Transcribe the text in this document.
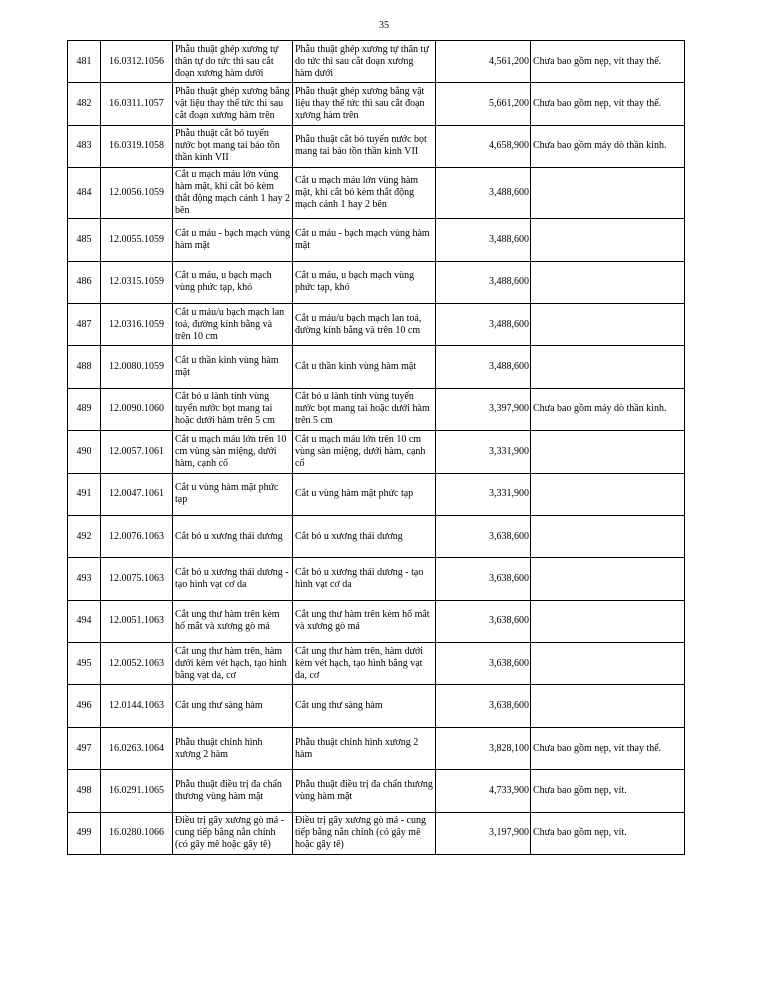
35
481	16.0312.1056	Phẫu thuật ghép xương tự thân tự do tức thì sau cắt đoạn xương hàm dưới	Phẫu thuật ghép xương tự thân tự do tức thì sau cắt đoạn xương hàm dưới	4,561,200	Chưa bao gồm nẹp, vít thay thế.
482	16.0311.1057	Phẫu thuật ghép xương bằng vật liệu thay thế tức thì sau cắt đoạn xương hàm trên	Phẫu thuật ghép xương bằng vật liệu thay thế tức thì sau cắt đoạn xương hàm trên	5,661,200	Chưa bao gồm nẹp, vít thay thế.
483	16.0319.1058	Phẫu thuật cắt bỏ tuyến nước bọt mang tai bảo tồn thần kinh VII	Phẫu thuật cắt bỏ tuyến nước bọt mang tai bảo tồn thần kinh VII	4,658,900	Chưa bao gồm máy dò thần kinh.
484	12.0056.1059	Cắt u mạch máu lớn vùng hàm mặt, khi cắt bỏ kèm thắt động mạch cảnh 1 hay 2 bên	Cắt u mạch máu lớn vùng hàm mặt, khi cắt bỏ kèm thắt động mạch cảnh 1 hay 2 bên	3,488,600	
485	12.0055.1059	Cắt u máu - bạch mạch vùng hàm mặt	Cắt u máu - bạch mạch vùng hàm mặt	3,488,600	
486	12.0315.1059	Cắt u máu, u bạch mạch vùng phức tạp, khó	Cắt u máu, u bạch mạch vùng phức tạp, khó	3,488,600	
487	12.0316.1059	Cắt u máu/u bạch mạch lan toả, đường kính bằng và trên 10 cm	Cắt u máu/u bạch mạch lan toả, đường kính bằng và trên 10 cm	3,488,600	
488	12.0080.1059	Cắt u thần kinh vùng hàm mặt	Cắt u thần kinh vùng hàm mặt	3,488,600	
489	12.0090.1060	Cắt bỏ u lành tính vùng tuyến nước bọt mang tai hoặc dưới hàm trên 5 cm	Cắt bỏ u lành tính vùng tuyến nước bọt mang tai hoặc dưới hàm trên 5 cm	3,397,900	Chưa bao gồm máy dò thần kinh.
490	12.0057.1061	Cắt u mạch máu lớn trên 10 cm vùng sàn miệng, dưới hàm, cạnh cổ	Cắt u mạch máu lớn trên 10 cm vùng sàn miệng, dưới hàm, cạnh cổ	3,331,900	
491	12.0047.1061	Cắt u vùng hàm mặt phức tạp	Cắt u vùng hàm mặt phức tạp	3,331,900	
492	12.0076.1063	Cắt bỏ u xương thái dương	Cắt bỏ u xương thái dương	3,638,600	
493	12.0075.1063	Cắt bỏ u xương thái dương - tạo hình vạt cơ da	Cắt bỏ u xương thái dương - tạo hình vạt cơ da	3,638,600	
494	12.0051.1063	Cắt ung thư hàm trên kèm hố mắt và xương gò má	Cắt ung thư hàm trên kèm hố mắt và xương gò má	3,638,600	
495	12.0052.1063	Cắt ung thư hàm trên, hàm dưới kèm vét hạch, tạo hình bằng vạt da, cơ	Cắt ung thư hàm trên, hàm dưới kèm vét hạch, tạo hình bằng vạt da, cơ	3,638,600	
496	12.0144.1063	Cắt ung thư sàng hàm	Cắt ung thư sàng hàm	3,638,600	
497	16.0263.1064	Phẫu thuật chỉnh hình xương 2 hàm	Phẫu thuật chỉnh hình xương 2 hàm	3,828,100	Chưa bao gồm nẹp, vít thay thế.
498	16.0291.1065	Phẫu thuật điều trị đa chấn thương vùng hàm mặt	Phẫu thuật điều trị đa chấn thương vùng hàm mặt	4,733,900	Chưa bao gồm nẹp, vít.
499	16.0280.1066	Điều trị gãy xương gò má - cung tiếp bằng nắn chỉnh (có gây mê hoặc gây tê)	Điều trị gãy xương gò má - cung tiếp bằng nắn chỉnh (có gây mê hoặc gây tê)	3,197,900	Chưa bao gồm nẹp, vít.
